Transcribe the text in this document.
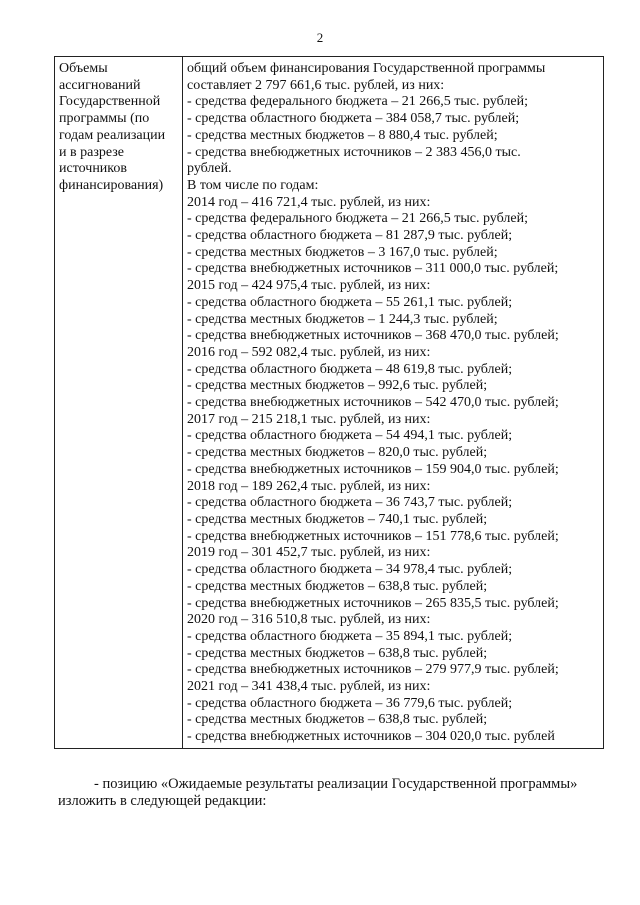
2
Объемы
ассигнований
Государственной
программы (по
годам реализации
и в разрезе
источников
финансирования)

общий объем финансирования Государственной программы
составляет 2 797 661,6 тыс. рублей, из них:
- средства федерального бюджета – 21 266,5 тыс. рублей;
- средства областного бюджета – 384 058,7 тыс. рублей;
- средства местных бюджетов – 8 880,4 тыс. рублей;
- средства внебюджетных источников – 2 383 456,0 тыс.
рублей.
В том числе по годам:
2014 год – 416 721,4 тыс. рублей, из них:
- средства федерального бюджета – 21 266,5 тыс. рублей;
- средства областного бюджета – 81 287,9 тыс. рублей;
- средства местных бюджетов – 3 167,0 тыс. рублей;
- средства внебюджетных источников – 311 000,0 тыс. рублей;
2015 год – 424 975,4 тыс. рублей, из них:
- средства областного бюджета – 55 261,1 тыс. рублей;
- средства местных бюджетов – 1 244,3 тыс. рублей;
- средства внебюджетных источников – 368 470,0 тыс. рублей;
2016 год – 592 082,4 тыс. рублей, из них:
- средства областного бюджета – 48 619,8 тыс. рублей;
- средства местных бюджетов – 992,6 тыс. рублей;
- средства внебюджетных источников – 542 470,0 тыс. рублей;
2017 год – 215 218,1 тыс. рублей, из них:
- средства областного бюджета – 54 494,1 тыс. рублей;
- средства местных бюджетов – 820,0 тыс. рублей;
- средства внебюджетных источников – 159 904,0 тыс. рублей;
2018 год – 189 262,4 тыс. рублей, из них:
- средства областного бюджета – 36 743,7 тыс. рублей;
- средства местных бюджетов – 740,1 тыс. рублей;
- средства внебюджетных источников – 151 778,6 тыс. рублей;
2019 год – 301 452,7 тыс. рублей, из них:
- средства областного бюджета – 34 978,4 тыс. рублей;
- средства местных бюджетов – 638,8 тыс. рублей;
- средства внебюджетных источников – 265 835,5 тыс. рублей;
2020 год – 316 510,8 тыс. рублей, из них:
- средства областного бюджета – 35 894,1 тыс. рублей;
- средства местных бюджетов – 638,8 тыс. рублей;
- средства внебюджетных источников – 279 977,9 тыс. рублей;
2021 год – 341 438,4 тыс. рублей, из них:
- средства областного бюджета – 36 779,6 тыс. рублей;
- средства местных бюджетов – 638,8 тыс. рублей;
- средства внебюджетных источников – 304 020,0 тыс. рублей
- позицию «Ожидаемые результаты реализации Государственной программы»
изложить в следующей редакции:
